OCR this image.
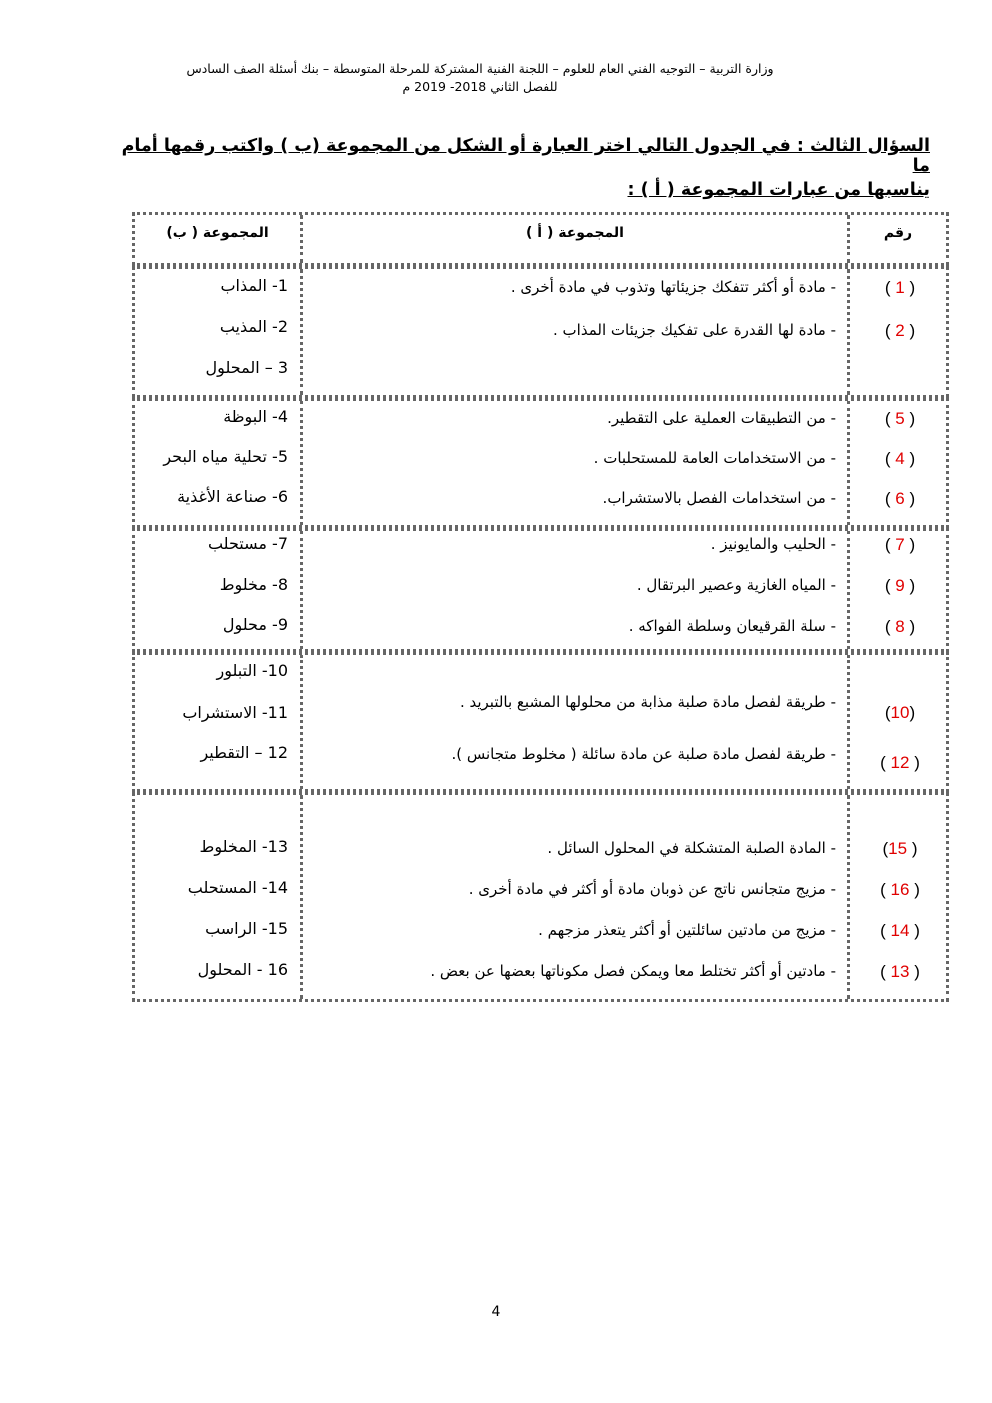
وزارة التربية – التوجيه الفني العام للعلوم – اللجنة الفنية المشتركة للمرحلة المتوسطة – بنك أسئلة الصف السادس
للفصل الثاني 2018- 2019 م
السؤال الثالث : في الجدول التالي اختر العبارة أو الشكل من المجموعة (ب ) واكتب رقمها أمام ما
يناسبها من عبارات المجموعة ( أ ) :
المجموعة ( ب)	المجموعة ( أ )	رقم
1- المذاب
2- المذيب
3 – المحلول
- مادة أو أكثر تتفكك جزيئاتها وتذوب في مادة أخرى .
- مادة لها القدرة على تفكيك جزيئات المذاب .
( 1 )
( 2 )
4- البوظة
5- تحلية مياه البحر
6- صناعة الأغذية
- من التطبيقات العملية على التقطير.
- من الاستخدامات العامة للمستحلبات .
- من استخدامات الفصل بالاستشراب.
( 5 )
( 4 )
( 6 )
7- مستحلب
8- مخلوط
9- محلول
- الحليب والمايونيز .
- المياه الغازية وعصير البرتقال .
- سلة القرقيعان وسلطة الفواكه .
( 7 )
( 9 )
( 8 )
10- التبلور
11- الاستشراب
12 – التقطير
- طريقة لفصل مادة صلبة مذابة من محلولها المشبع بالتبريد .
- طريقة لفصل مادة صلبة عن مادة سائلة ( مخلوط متجانس ).
(10)
( 12 )
13- المخلوط
14- المستحلب
15- الراسب
16 - المحلول
- المادة الصلبة المتشكلة في المحلول السائل .
- مزيج متجانس ناتج عن ذوبان مادة أو أكثر في مادة أخرى .
- مزيج من مادتين سائلتين أو أكثر يتعذر مزجهم .
- مادتين أو أكثر تختلط معا ويمكن فصل مكوناتها بعضها عن بعض .
(15 )
( 16 )
( 14 )
( 13 )
4
